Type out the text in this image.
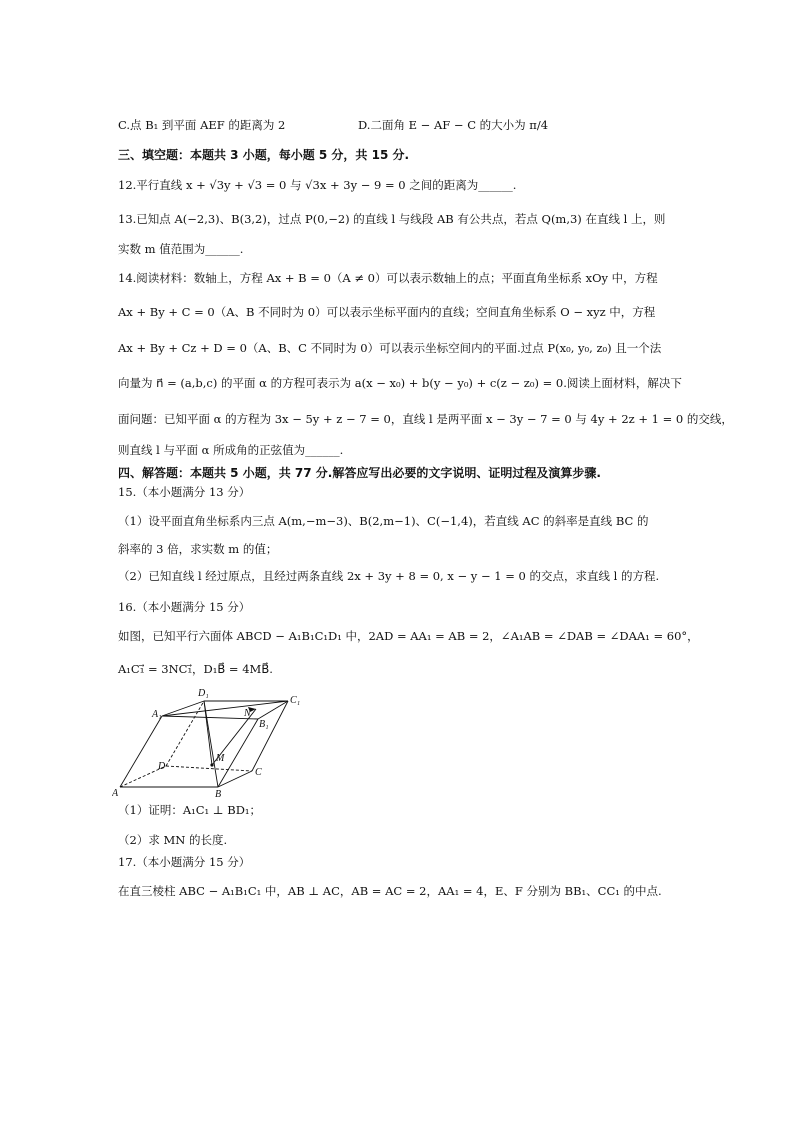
C.点 B₁ 到平面 AEF 的距离为 2	D.二面角 E − AF − C 的大小为 π/4
三、填空题：本题共 3 小题，每小题 5 分，共 15 分.
12.平行直线 x + √3y + √3 = 0 与 √3x + 3y − 9 = 0 之间的距离为______.
13.已知点 A(−2,3)、B(3,2)，过点 P(0,−2) 的直线 l 与线段 AB 有公共点，若点 Q(m,3) 在直线 l 上，则
实数 m 值范围为______.
14.阅读材料：数轴上，方程 Ax + B = 0（A ≠ 0）可以表示数轴上的点；平面直角坐标系 xOy 中，方程
Ax + By + C = 0（A、B 不同时为 0）可以表示坐标平面内的直线；空间直角坐标系 O − xyz 中，方程
Ax + By + Cz + D = 0（A、B、C 不同时为 0）可以表示坐标空间内的平面.过点 P(x₀, y₀, z₀) 且一个法
向量为 n⃗ = (a,b,c) 的平面 α 的方程可表示为 a(x − x₀) + b(y − y₀) + c(z − z₀) = 0.阅读上面材料，解决下
面问题：已知平面 α 的方程为 3x − 5y + z − 7 = 0，直线 l 是两平面 x − 3y − 7 = 0 与 4y + 2z + 1 = 0 的交线，
则直线 l 与平面 α 所成角的正弦值为______.
四、解答题：本题共 5 小题，共 77 分.解答应写出必要的文字说明、证明过程及演算步骤.
15.（本小题满分 13 分）
（1）设平面直角坐标系内三点 A(m,−m−3)、B(2,m−1)、C(−1,4)，若直线 AC 的斜率是直线 BC 的
斜率的 3 倍，求实数 m 的值；
（2）已知直线 l 经过原点，且经过两条直线 2x + 3y + 8 = 0, x − y − 1 = 0 的交点，求直线 l 的方程.
16.（本小题满分 15 分）
如图，已知平行六面体 ABCD − A₁B₁C₁D₁ 中，2AD = AA₁ = AB = 2，∠A₁AB = ∠DAB = ∠DAA₁ = 60°，
A₁C₁⃗ = 3NC₁⃗，D₁B⃗ = 4MB⃗.
A	B
C
D
A₁
B₁
C₁
D₁
M
N
（1）证明：A₁C₁ ⊥ BD₁；
（2）求 MN 的长度.
17.（本小题满分 15 分）
在直三棱柱 ABC − A₁B₁C₁ 中，AB ⊥ AC，AB = AC = 2，AA₁ = 4，E、F 分别为 BB₁、CC₁ 的中点.
